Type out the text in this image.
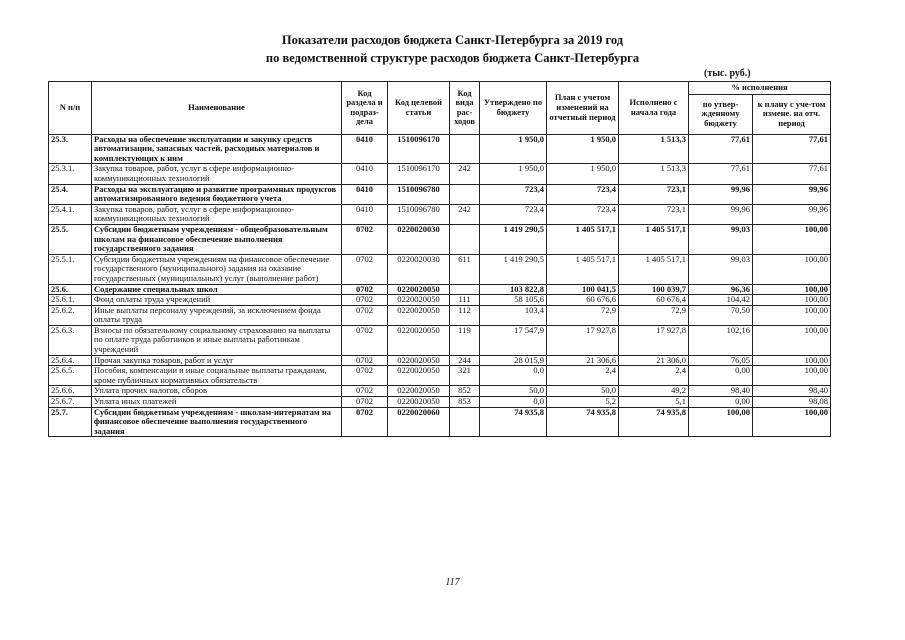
Показатели расходов бюджета Санкт-Петербурга за 2019 год
по ведомственной структуре расходов бюджета Санкт-Петербурга
(тыс. руб.)
N п/п	Наименование	Код раздела и подраз-дела	Код целевой статьи	Код вида рас-ходов	Утверждено по бюджету	План с учетом изменений на отчетный период	Исполнено с начала года	% исполнения	
								по утвер-жденному бюджету	к плану с уче-том измене. на отч. период
25.3.	Расходы на обеспечение эксплуатации и закупку средств автоматизации, запасных частей, расходных материалов и комплектующих к ним	0410	1510096170		1 950,0	1 950,0	1 513,3	77,61	77,61
25.3.1.	Закупка товаров, работ, услуг в сфере информационно-коммуникационных технологий	0410	1510096170	242	1 950,0	1 950,0	1 513,3	77,61	77,61
25.4.	Расходы на эксплуатацию и развитие программных продуктов автоматизированного ведения бюджетного учета	0410	1510096780		723,4	723,4	723,1	99,96	99,96
25.4.1.	Закупка товаров, работ, услуг в сфере информационно-коммуникационных технологий	0410	1510096780	242	723,4	723,4	723,1	99,96	99,96
25.5.	Субсидии бюджетным учреждениям - общеобразовательным школам на финансовое обеспечение выполнения государственного задания	0702	0220020030		1 419 290,5	1 405 517,1	1 405 517,1	99,03	100,00
25.5.1.	Субсидии бюджетным учреждениям на финансовое обеспечение государственного (муниципального) задания на оказание государственных (муниципальных) услуг (выполнение работ)	0702	0220020030	611	1 419 290,5	1 405 517,1	1 405 517,1	99,03	100,00
25.6.	Содержание специальных школ	0702	0220020050		103 822,8	100 041,5	100 039,7	96,36	100,00
25.6.1.	Фонд оплаты труда учреждений	0702	0220020050	111	58 105,6	60 676,6	60 676,4	104,42	100,00
25.6.2.	Иные выплаты персоналу учреждений, за исключением фонда оплаты труда	0702	0220020050	112	103,4	72,9	72,9	70,50	100,00
25.6.3.	Взносы по обязательному социальному страхованию на выплаты по оплате труда работников и иные выплаты работникам учреждений	0702	0220020050	119	17 547,9	17 927,8	17 927,8	102,16	100,00
25.6.4.	Прочая закупка товаров, работ и услуг	0702	0220020050	244	28 015,9	21 306,6	21 306,0	76,05	100,00
25.6.5.	Пособия, компенсации и иные социальные выплаты гражданам, кроме публичных нормативных обязательств	0702	0220020050	321	0,0	2,4	2,4	0,00	100,00
25.6.6.	Уплата прочих налогов, сборов	0702	0220020050	852	50,0	50,0	49,2	98,40	98,40
25.6.7.	Уплата иных платежей	0702	0220020050	853	0,0	5,2	5,1	0,00	98,08
25.7.	Субсидии бюджетным учреждениям - школам-интернатам на финансовое обеспечение выполнения государственного задания	0702	0220020060		74 935,8	74 935,8	74 935,8	100,00	100,00
117
